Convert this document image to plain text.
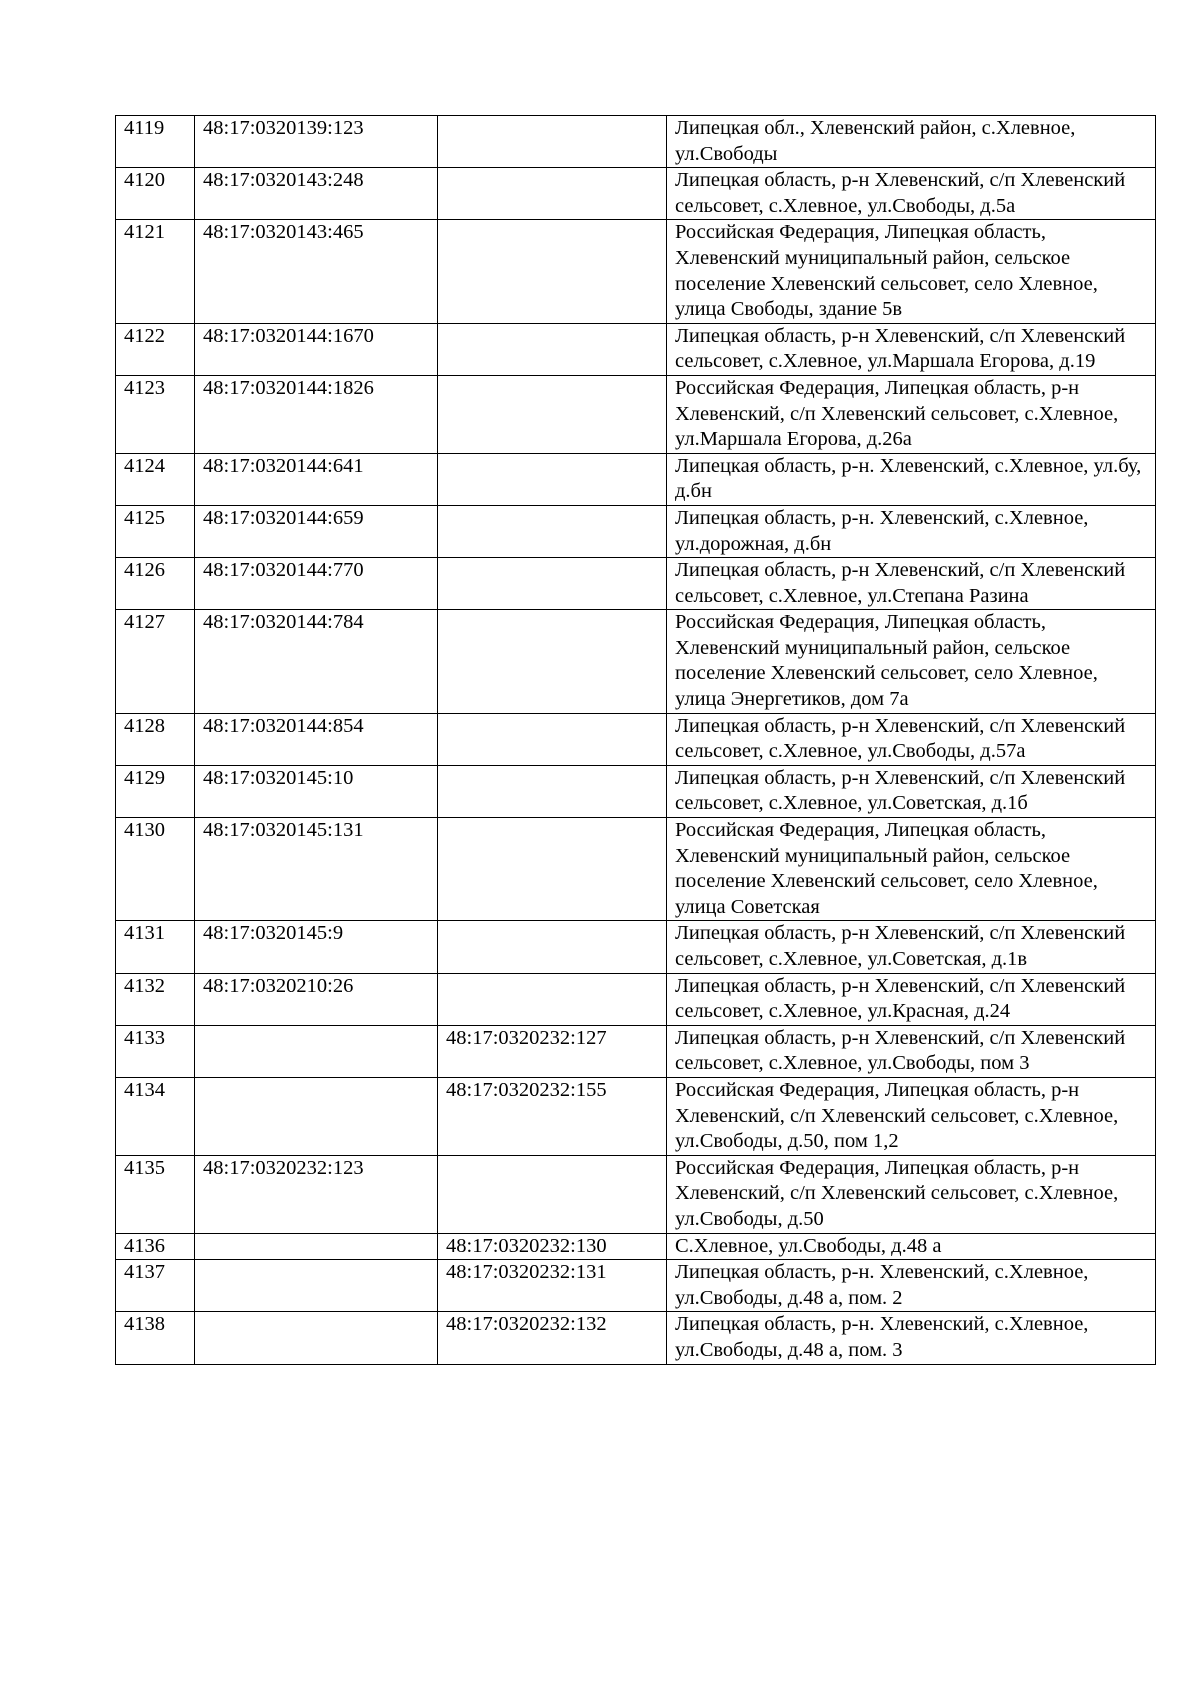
4119	48:17:0320139:123		Липецкая обл., Хлевенский район, с.Хлевное, ул.Свободы
4120	48:17:0320143:248		Липецкая область, р-н Хлевенский, с/п Хлевенский сельсовет, с.Хлевное, ул.Свободы, д.5а
4121	48:17:0320143:465		Российская Федерация, Липецкая область, Хлевенский муниципальный район, сельское поселение Хлевенский сельсовет, село Хлевное, улица Свободы, здание 5в
4122	48:17:0320144:1670		Липецкая область, р-н Хлевенский, с/п Хлевенский сельсовет, с.Хлевное, ул.Маршала Егорова, д.19
4123	48:17:0320144:1826		Российская Федерация, Липецкая область, р-н Хлевенский, с/п Хлевенский сельсовет, с.Хлевное, ул.Маршала Егорова, д.26а
4124	48:17:0320144:641		Липецкая область, р-н. Хлевенский, с.Хлевное, ул.бу, д.бн
4125	48:17:0320144:659		Липецкая область, р-н. Хлевенский, с.Хлевное, ул.дорожная, д.бн
4126	48:17:0320144:770		Липецкая область, р-н Хлевенский, с/п Хлевенский сельсовет, с.Хлевное, ул.Степана Разина
4127	48:17:0320144:784		Российская Федерация, Липецкая область, Хлевенский муниципальный район, сельское поселение Хлевенский сельсовет, село Хлевное, улица Энергетиков, дом 7а
4128	48:17:0320144:854		Липецкая область, р-н Хлевенский, с/п Хлевенский сельсовет, с.Хлевное, ул.Свободы, д.57а
4129	48:17:0320145:10		Липецкая область, р-н Хлевенский, с/п Хлевенский сельсовет, с.Хлевное, ул.Советская, д.1б
4130	48:17:0320145:131		Российская Федерация, Липецкая область, Хлевенский муниципальный район, сельское поселение Хлевенский сельсовет, село Хлевное, улица Советская
4131	48:17:0320145:9		Липецкая область, р-н Хлевенский, с/п Хлевенский сельсовет, с.Хлевное, ул.Советская, д.1в
4132	48:17:0320210:26		Липецкая область, р-н Хлевенский, с/п Хлевенский сельсовет, с.Хлевное, ул.Красная, д.24
4133		48:17:0320232:127	Липецкая область, р-н Хлевенский, с/п Хлевенский сельсовет, с.Хлевное, ул.Свободы, пом 3
4134		48:17:0320232:155	Российская Федерация, Липецкая область, р-н Хлевенский, с/п Хлевенский сельсовет, с.Хлевное, ул.Свободы, д.50, пом 1,2
4135	48:17:0320232:123		Российская Федерация, Липецкая область, р-н Хлевенский, с/п Хлевенский сельсовет, с.Хлевное, ул.Свободы, д.50
4136		48:17:0320232:130	С.Хлевное, ул.Свободы, д.48 а
4137		48:17:0320232:131	Липецкая область, р-н. Хлевенский, с.Хлевное, ул.Свободы, д.48 а, пом. 2
4138		48:17:0320232:132	Липецкая область, р-н. Хлевенский, с.Хлевное, ул.Свободы, д.48 а, пом. 3
